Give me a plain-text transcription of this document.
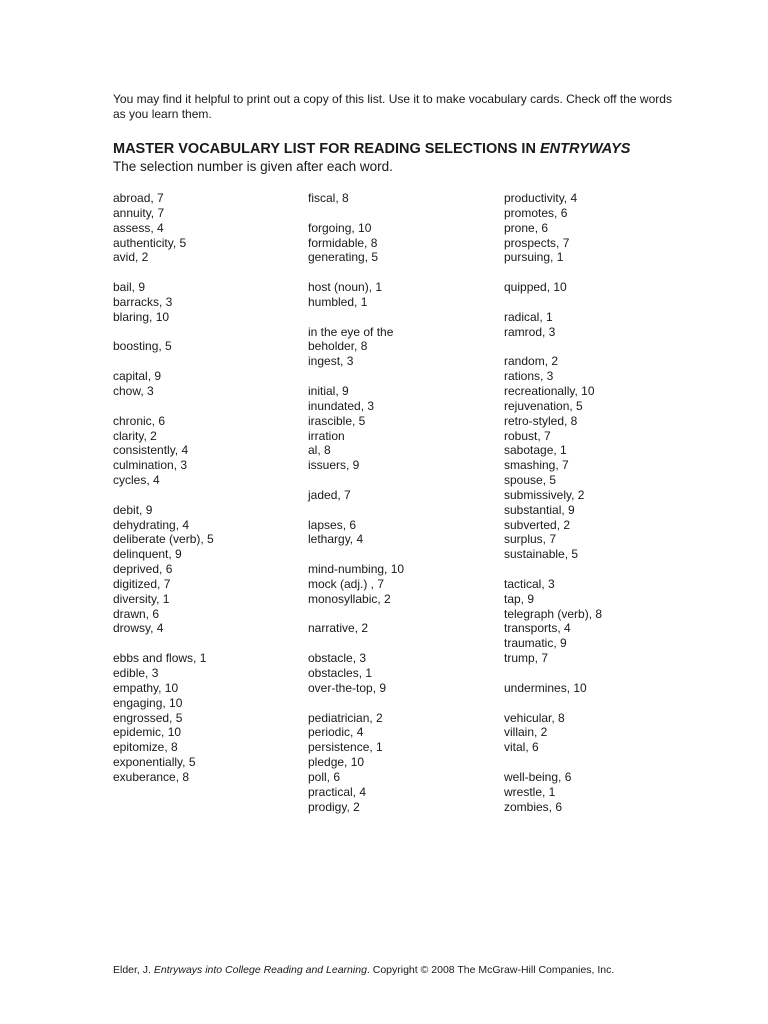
You may find it helpful to print out a copy of this list. Use it to make vocabulary cards. Check off the words as you learn them.

MASTER VOCABULARY LIST FOR READING SELECTIONS IN ENTRYWAYS

The selection number is given after each word.

abroad, 7
annuity, 7
assess, 4
authenticity, 5
avid, 2
bail, 9
barracks, 3
blaring, 10
boosting, 5
capital, 9
chow, 3
chronic, 6
clarity, 2
consistently, 4
culmination, 3
cycles, 4
debit, 9
dehydrating, 4
deliberate (verb), 5
delinquent, 9
deprived, 6
digitized, 7
diversity, 1
drawn, 6
drowsy, 4
ebbs and flows, 1
edible, 3
empathy, 10
engaging, 10
engrossed, 5
epidemic, 10
epitomize, 8
exponentially, 5
exuberance, 8
fiscal, 8
forgoing, 10
formidable, 8
generating, 5
host (noun), 1
humbled, 1
in the eye of the
beholder, 8
ingest, 3
initial, 9
inundated, 3
irascible, 5
irration
al, 8
issuers, 9
jaded, 7
lapses, 6
lethargy, 4
mind-numbing, 10
mock (adj.) , 7
monosyllabic, 2
narrative, 2
obstacle, 3
obstacles, 1
over-the-top, 9
pediatrician, 2
periodic, 4
persistence, 1
pledge, 10
poll, 6
practical, 4
prodigy, 2
productivity, 4
promotes, 6
prone, 6
prospects, 7
pursuing, 1
quipped, 10
radical, 1
ramrod, 3
random, 2
rations, 3
recreationally, 10
rejuvenation, 5
retro-styled, 8
robust, 7
sabotage, 1
smashing, 7
spouse, 5
submissively, 2
substantial, 9
subverted, 2
surplus, 7
sustainable, 5
tactical, 3
tap, 9
telegraph (verb), 8
transports, 4
traumatic, 9
trump, 7
undermines, 10
vehicular, 8
villain, 2
vital, 6
well-being, 6
wrestle, 1
zombies, 6

Elder, J. Entryways into College Reading and Learning. Copyright © 2008 The McGraw-Hill Companies, Inc.
